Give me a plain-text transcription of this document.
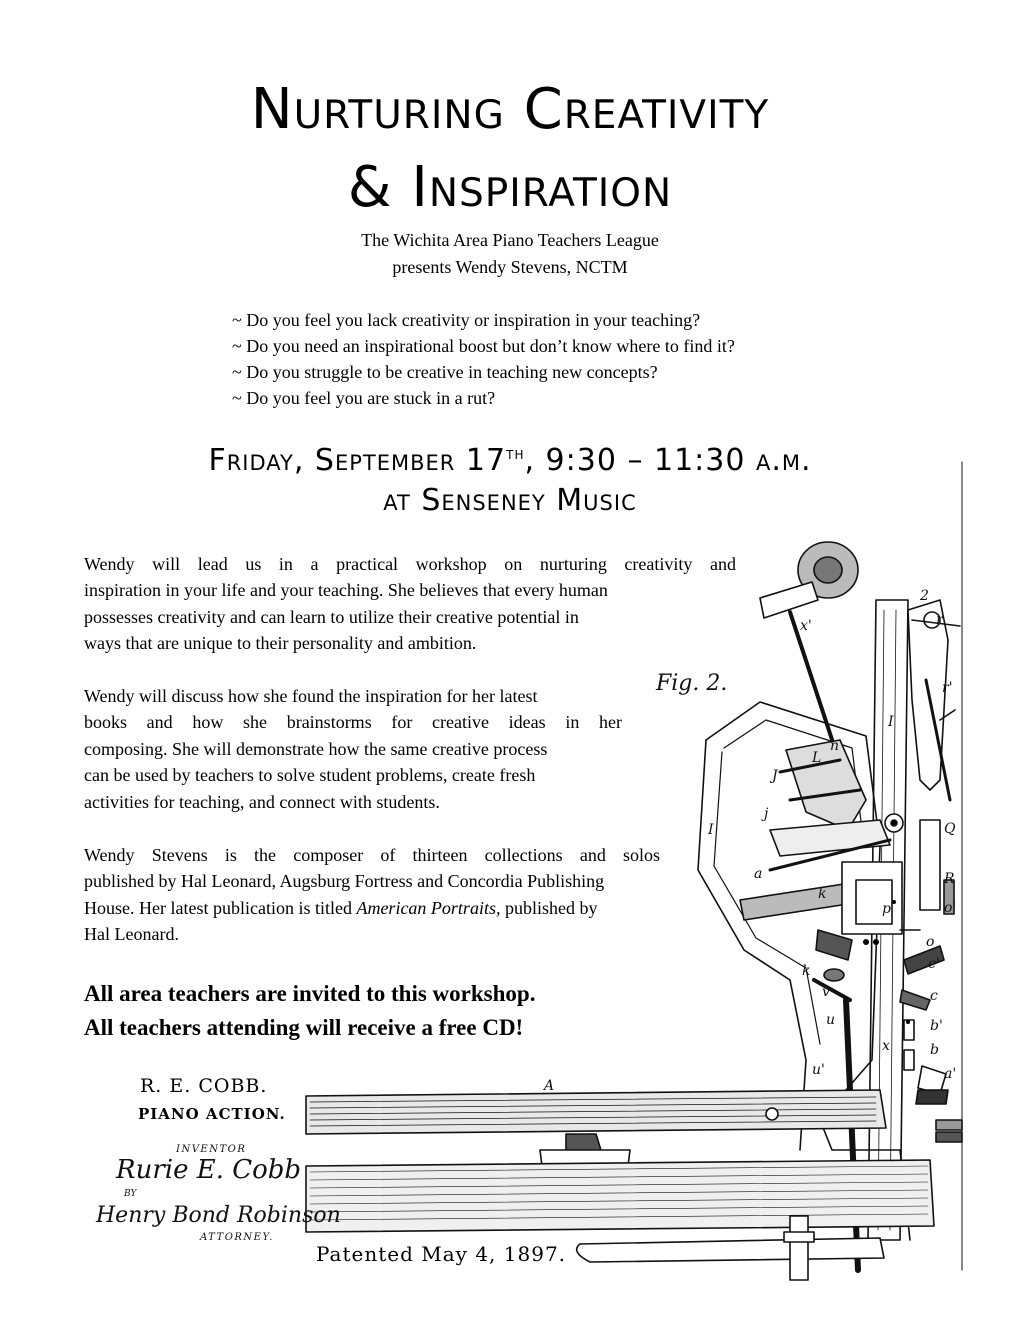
Nurturing Creativity
& Inspiration
The Wichita Area Piano Teachers League
presents Wendy Stevens, NCTM
~ Do you feel you lack creativity or inspiration in your teaching?
~ Do you need an inspirational boost but don’t know where to find it?
~ Do you struggle to be creative in teaching new concepts?
~ Do you feel you are stuck in a rut?
Friday, September 17th, 9:30 – 11:30 a.m.
at Senseney Music
Wendy will lead us in a practical workshop on nurturing creativity and
inspiration in your life and your teaching. She believes that every human
possesses creativity and can learn to utilize their creative potential in
ways that are unique to their personality and ambition.
Wendy will discuss how she found the inspiration for her latest
books and how she brainstorms for creative ideas in her
composing. She will demonstrate how the same creative process
can be used by teachers to solve student problems, create fresh
activities for teaching, and connect with students.
Wendy Stevens is the composer of thirteen collections and solos
published by Hal Leonard, Augsburg Fortress and Concordia Publishing
House. Her latest publication is titled American Portraits, published by
Hal Leonard.
All area teachers are invited to this workshop.
All teachers attending will receive a free CD!
R. E. COBB.
PIANO ACTION.
Patented May 4, 1897.
2
r
r'
x'
n
J
j
L
I
I	Q
R
o'
p
a
k
k
o
c'
c
b'
b
x
a'
v
u
u'
A
Fig. 2.
INVENTOR
Rurie E. Cobb
BY
Henry Bond Robinson
ATTORNEY.
